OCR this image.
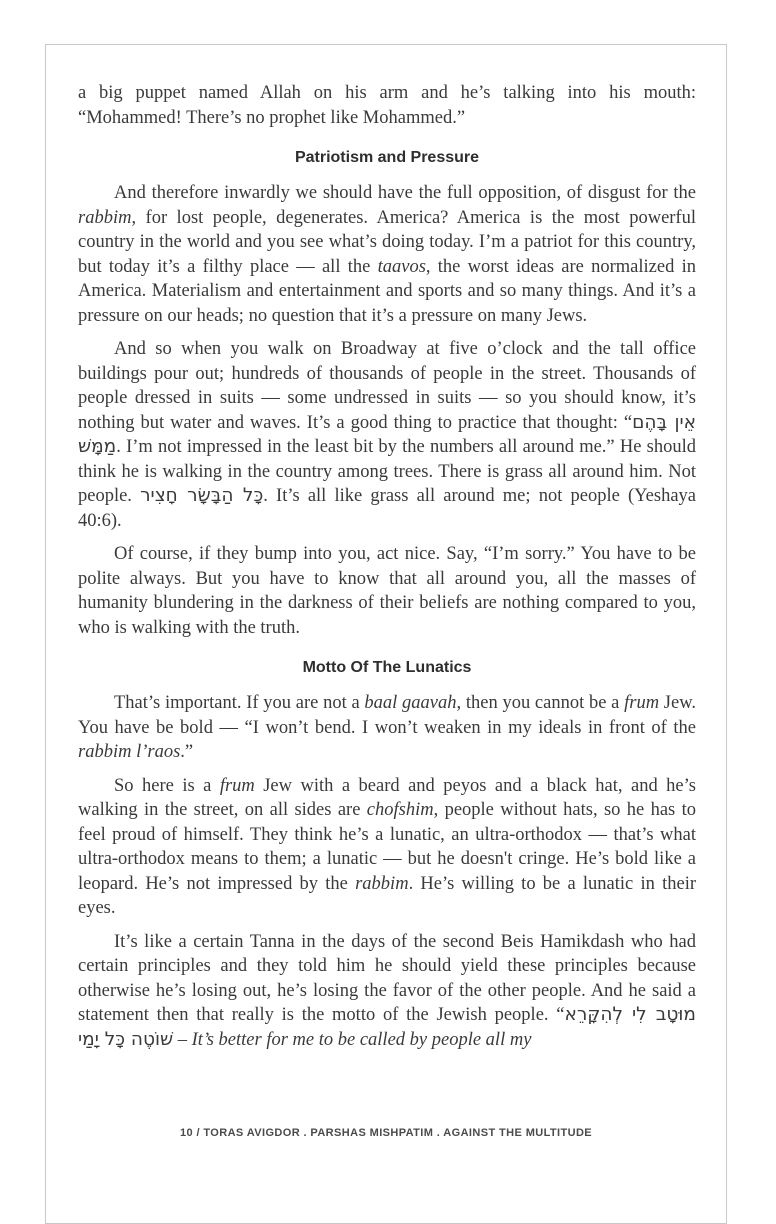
a big puppet named Allah on his arm and he’s talking into his mouth: “Mohammed! There’s no prophet like Mohammed.”

Patriotism and Pressure

And therefore inwardly we should have the full opposition, of disgust for the rabbim, for lost people, degenerates. America? America is the most powerful country in the world and you see what’s doing today. I’m a patriot for this country, but today it’s a filthy place — all the taavos, the worst ideas are normalized in America. Materialism and entertainment and sports and so many things. And it’s a pressure on our heads; no question that it’s a pressure on many Jews.

And so when you walk on Broadway at five o’clock and the tall office buildings pour out; hundreds of thousands of people in the street. Thousands of people dressed in suits — some undressed in suits — so you should know, it’s nothing but water and waves. It’s a good thing to practice that thought: “אֵין בָּהֶם מַמָּשׁ. I’m not impressed in the least bit by the numbers all around me.” He should think he is walking in the country among trees. There is grass all around him. Not people. כָּל הַבָּשָׂר חָצִיר. It’s all like grass all around me; not people (Yeshaya 40:6).

Of course, if they bump into you, act nice. Say, “I’m sorry.” You have to be polite always. But you have to know that all around you, all the masses of humanity blundering in the darkness of their beliefs are nothing compared to you, who is walking with the truth.

Motto Of The Lunatics

That’s important. If you are not a baal gaavah, then you cannot be a frum Jew. You have be bold — “I won’t bend. I won’t weaken in my ideals in front of the rabbim l’raos.”

So here is a frum Jew with a beard and peyos and a black hat, and he’s walking in the street, on all sides are chofshim, people without hats, so he has to feel proud of himself. They think he’s a lunatic, an ultra-orthodox — that’s what ultra-orthodox means to them; a lunatic — but he doesn't cringe. He’s bold like a leopard. He’s not impressed by the rabbim. He’s willing to be a lunatic in their eyes.

It’s like a certain Tanna in the days of the second Beis Hamikdash who had certain principles and they told him he should yield these principles because otherwise he’s losing out, he’s losing the favor of the other people. And he said a statement then that really is the motto of the Jewish people. “מוּטָב לִי לְהִקָּרֵא שׁוֹטֶה כָּל יָמַי – It’s better for me to be called by people all my

10 / TORAS AVIGDOR . PARSHAS MISHPATIM . AGAINST THE MULTITUDE
